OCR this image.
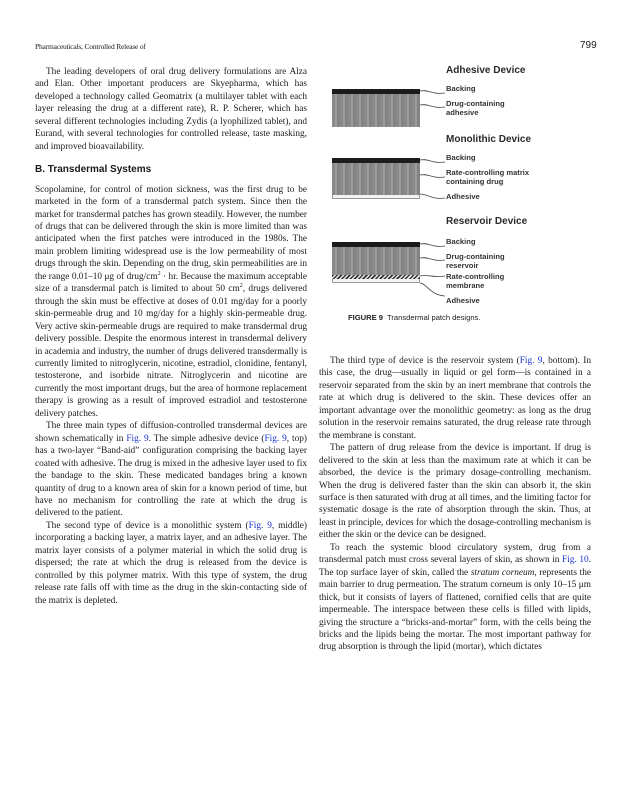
Pharmaceuticals, Controlled Release of	799

The leading developers of oral drug delivery formulations are Alza and Elan. Other important producers are Skyepharma, which has developed a technology called Geomatrix (a multilayer tablet with each layer releasing the drug at a different rate), R. P. Scherer, which has several different technologies including Zydis (a lyophilized tablet), and Eurand, with several technologies for controlled release, taste masking, and improved bioavailability.

B. Transdermal Systems

Scopolamine, for control of motion sickness, was the first drug to be marketed in the form of a transdermal patch system. Since then the market for transdermal patches has grown steadily. However, the number of drugs that can be delivered through the skin is more limited than was anticipated when the first patches were introduced in the 1980s. The main problem limiting widespread use is the low permeability of most drugs through the skin. Depending on the drug, skin permeabilities are in the range 0.01–10 μg of drug/$cm^2$ · hr. Because the maximum acceptable size of a transdermal patch is limited to about 50 $cm^2$, drugs delivered through the skin must be effective at doses of 0.01 mg/day for a poorly skin-permeable drug and 10 mg/day for a highly skin-permeable drug. Very active skin-permeable drugs are required to make transdermal drug delivery possible. Despite the enormous interest in transdermal delivery in academia and industry, the number of drugs delivered transdermally is currently limited to nitroglycerin, nicotine, estradiol, clonidine, fentanyl, testosterone, and isorbide nitrate. Nitroglycerin and nicotine are currently the most important drugs, but the area of hormone replacement therapy is growing as a result of improved estradiol and testosterone delivery patches.

The three main types of diffusion-controlled transdermal devices are shown schematically in Fig. 9. The simple adhesive device (Fig. 9, top) has a two-layer “Band-aid” configuration comprising the backing layer coated with adhesive. The drug is mixed in the adhesive layer used to fix the bandage to the skin. These medicated bandages bring a known quantity of drug to a known area of skin for a known period of time, but have no mechanism for controlling the rate at which the drug is delivered to the patient.

The second type of device is a monolithic system (Fig. 9, middle) incorporating a backing layer, a matrix layer, and an adhesive layer. The matrix layer consists of a polymer material in which the solid drug is dispersed; the rate at which the drug is released from the device is controlled by this polymer matrix. With this type of system, the drug release rate falls off with time as the drug in the skin-contacting side of the matrix is depleted.

Adhesive Device
Backing
Drug-containing adhesive
Monolithic Device
Backing
Rate-controlling matrix containing drug
Adhesive
Reservoir Device
Backing
Drug-containing reservoir
Rate-controlling membrane
Adhesive
FIGURE 9 Transdermal patch designs.

The third type of device is the reservoir system (Fig. 9, bottom). In this case, the drug—usually in liquid or gel form—is contained in a reservoir separated from the skin by an inert membrane that controls the rate at which drug is delivered to the skin. These devices offer an important advantage over the monolithic geometry: as long as the drug solution in the reservoir remains saturated, the drug release rate through the membrane is constant.

The pattern of drug release from the device is important. If drug is delivered to the skin at less than the maximum rate at which it can be absorbed, the device is the primary dosage-controlling mechanism. When the drug is delivered faster than the skin can absorb it, the skin surface is then saturated with drug at all times, and the limiting factor for systematic dosage is the rate of absorption through the skin. Thus, at least in principle, devices for which the dosage-controlling mechanism is either the skin or the device can be designed.

To reach the systemic blood circulatory system, drug from a transdermal patch must cross several layers of skin, as shown in Fig. 10. The top surface layer of skin, called the stratum corneum, represents the main barrier to drug permeation. The stratum corneum is only 10–15 μm thick, but it consists of layers of flattened, cornified cells that are quite impermeable. The interspace between these cells is filled with lipids, giving the structure a “bricks-and-mortar” form, with the cells being the bricks and the lipids being the mortar. The most important pathway for drug absorption is through the lipid (mortar), which dictates
